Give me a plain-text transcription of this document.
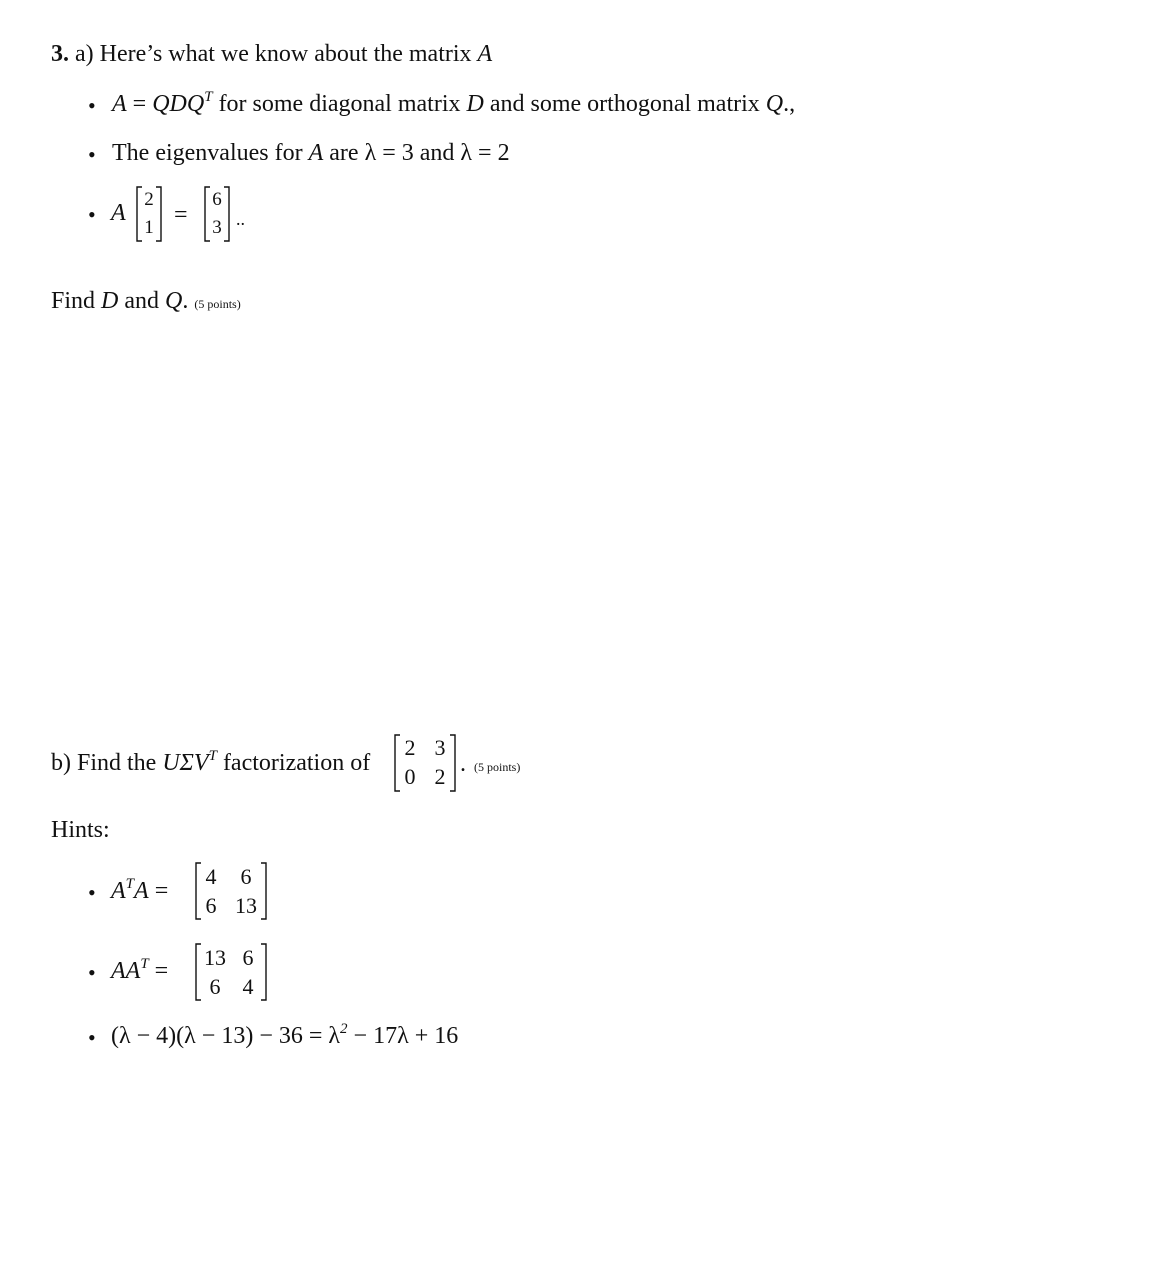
3. a) Here’s what we know about the matrix A
• $A = QDQ^T$ for some diagonal matrix D and some orthogonal matrix Q.,
• The eigenvalues for A are λ = 3 and λ = 2
• A
2
1 =
6
3 ..
Find D and Q. (5 points)
b) Find the $U\Sigma V^T$ factorization of
2 3
0 2 . (5 points)
Hints:
• $A^TA$ =
4	6
6 13
• $AA^T$ =
13 6
6	4
• $(\lambda - 4)(\lambda - 13) - 36 = \lambda^2 - 17\lambda + 16$
